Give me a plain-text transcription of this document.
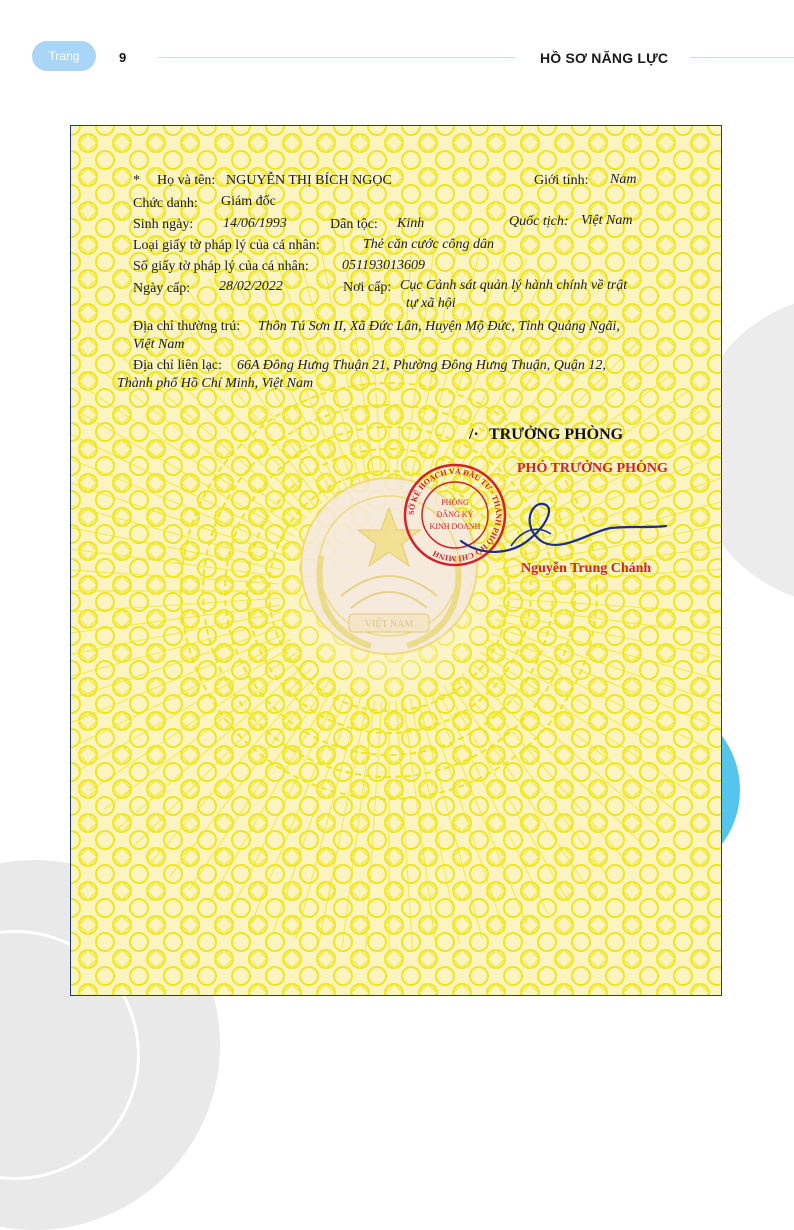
Trang	9	HỒ SƠ NĂNG LỰC
VIỆT NAM
* Họ và tên: NGUYỄN THỊ BÍCH NGỌC	Giới tính: Nam
Chức danh: Giám đốc
Sinh ngày: 14/06/1993	Dân tộc: Kinh	Quốc tịch: Việt Nam
Loại giấy tờ pháp lý của cá nhân:	Thẻ căn cước công dân
Số giấy tờ pháp lý của cá nhân: 051193013609
Ngày cấp: 28/02/2022	Nơi cấp: Cục Cảnh sát quản lý hành chính về trật
tự xã hội
Địa chỉ thường trú: Thôn Tú Sơn II, Xã Đức Lân, Huyện Mộ Đức, Tỉnh Quảng Ngãi,
Việt Nam
Địa chỉ liên lạc: 66A Đông Hưng Thuận 21, Phường Đông Hưng Thuận, Quận 12,
Thành phố Hồ Chí Minh, Việt Nam
/· TRƯỞNG PHÒNG
PHÓ TRƯỞNG PHÒNG
Nguyễn Trung Chánh
SỞ KẾ HOẠCH VÀ ĐẦU TƯ · THÀNH PHỐ HỒ CHÍ MINH
PHÒNG
ĐĂNG KÝ
KINH DOANH
